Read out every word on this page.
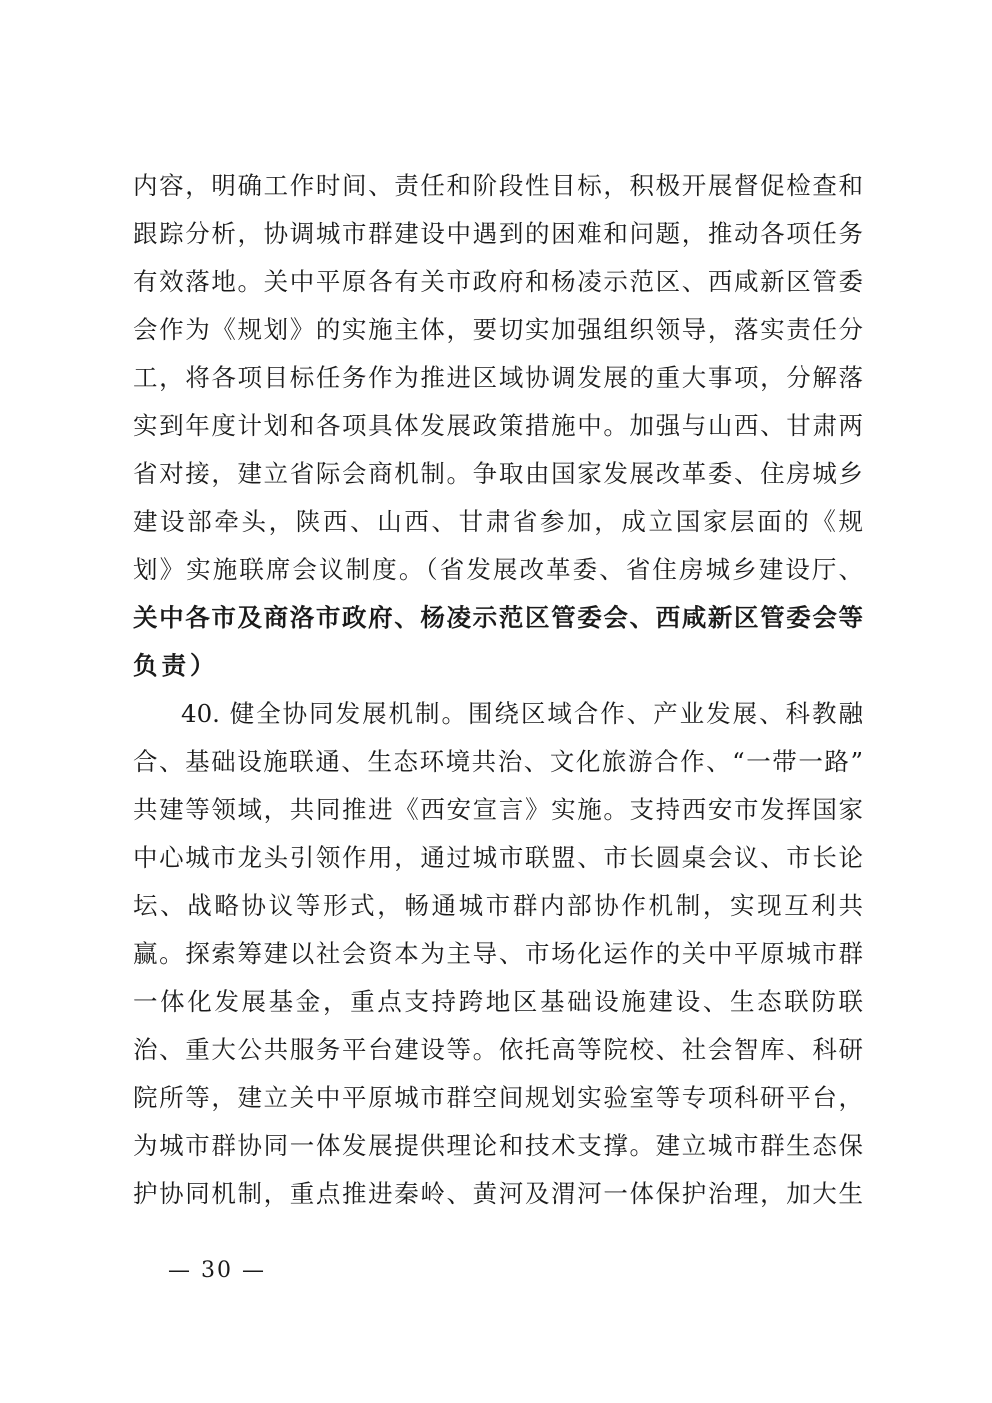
内容，明确工作时间、责任和阶段性目标，积极开展督促检查和
跟踪分析，协调城市群建设中遇到的困难和问题，推动各项任务
有效落地。关中平原各有关市政府和杨凌示范区、西咸新区管委
会作为《规划》的实施主体，要切实加强组织领导，落实责任分
工，将各项目标任务作为推进区域协调发展的重大事项，分解落
实到年度计划和各项具体发展政策措施中。加强与山西、甘肃两
省对接，建立省际会商机制。争取由国家发展改革委、住房城乡
建设部牵头，陕西、山西、甘肃省参加，成立国家层面的《规
划》实施联席会议制度。（省发展改革委、省住房城乡建设厅、
关中各市及商洛市政府、杨凌示范区管委会、西咸新区管委会等
负责）
40. 健全协同发展机制。围绕区域合作、产业发展、科教融
合、基础设施联通、生态环境共治、文化旅游合作、“一带一路”
共建等领域，共同推进《西安宣言》实施。支持西安市发挥国家
中心城市龙头引领作用，通过城市联盟、市长圆桌会议、市长论
坛、战略协议等形式，畅通城市群内部协作机制，实现互利共
赢。探索筹建以社会资本为主导、市场化运作的关中平原城市群
一体化发展基金，重点支持跨地区基础设施建设、生态联防联
治、重大公共服务平台建设等。依托高等院校、社会智库、科研
院所等，建立关中平原城市群空间规划实验室等专项科研平台，
为城市群协同一体发展提供理论和技术支撑。建立城市群生态保
护协同机制，重点推进秦岭、黄河及渭河一体保护治理，加大生
— 30 —
